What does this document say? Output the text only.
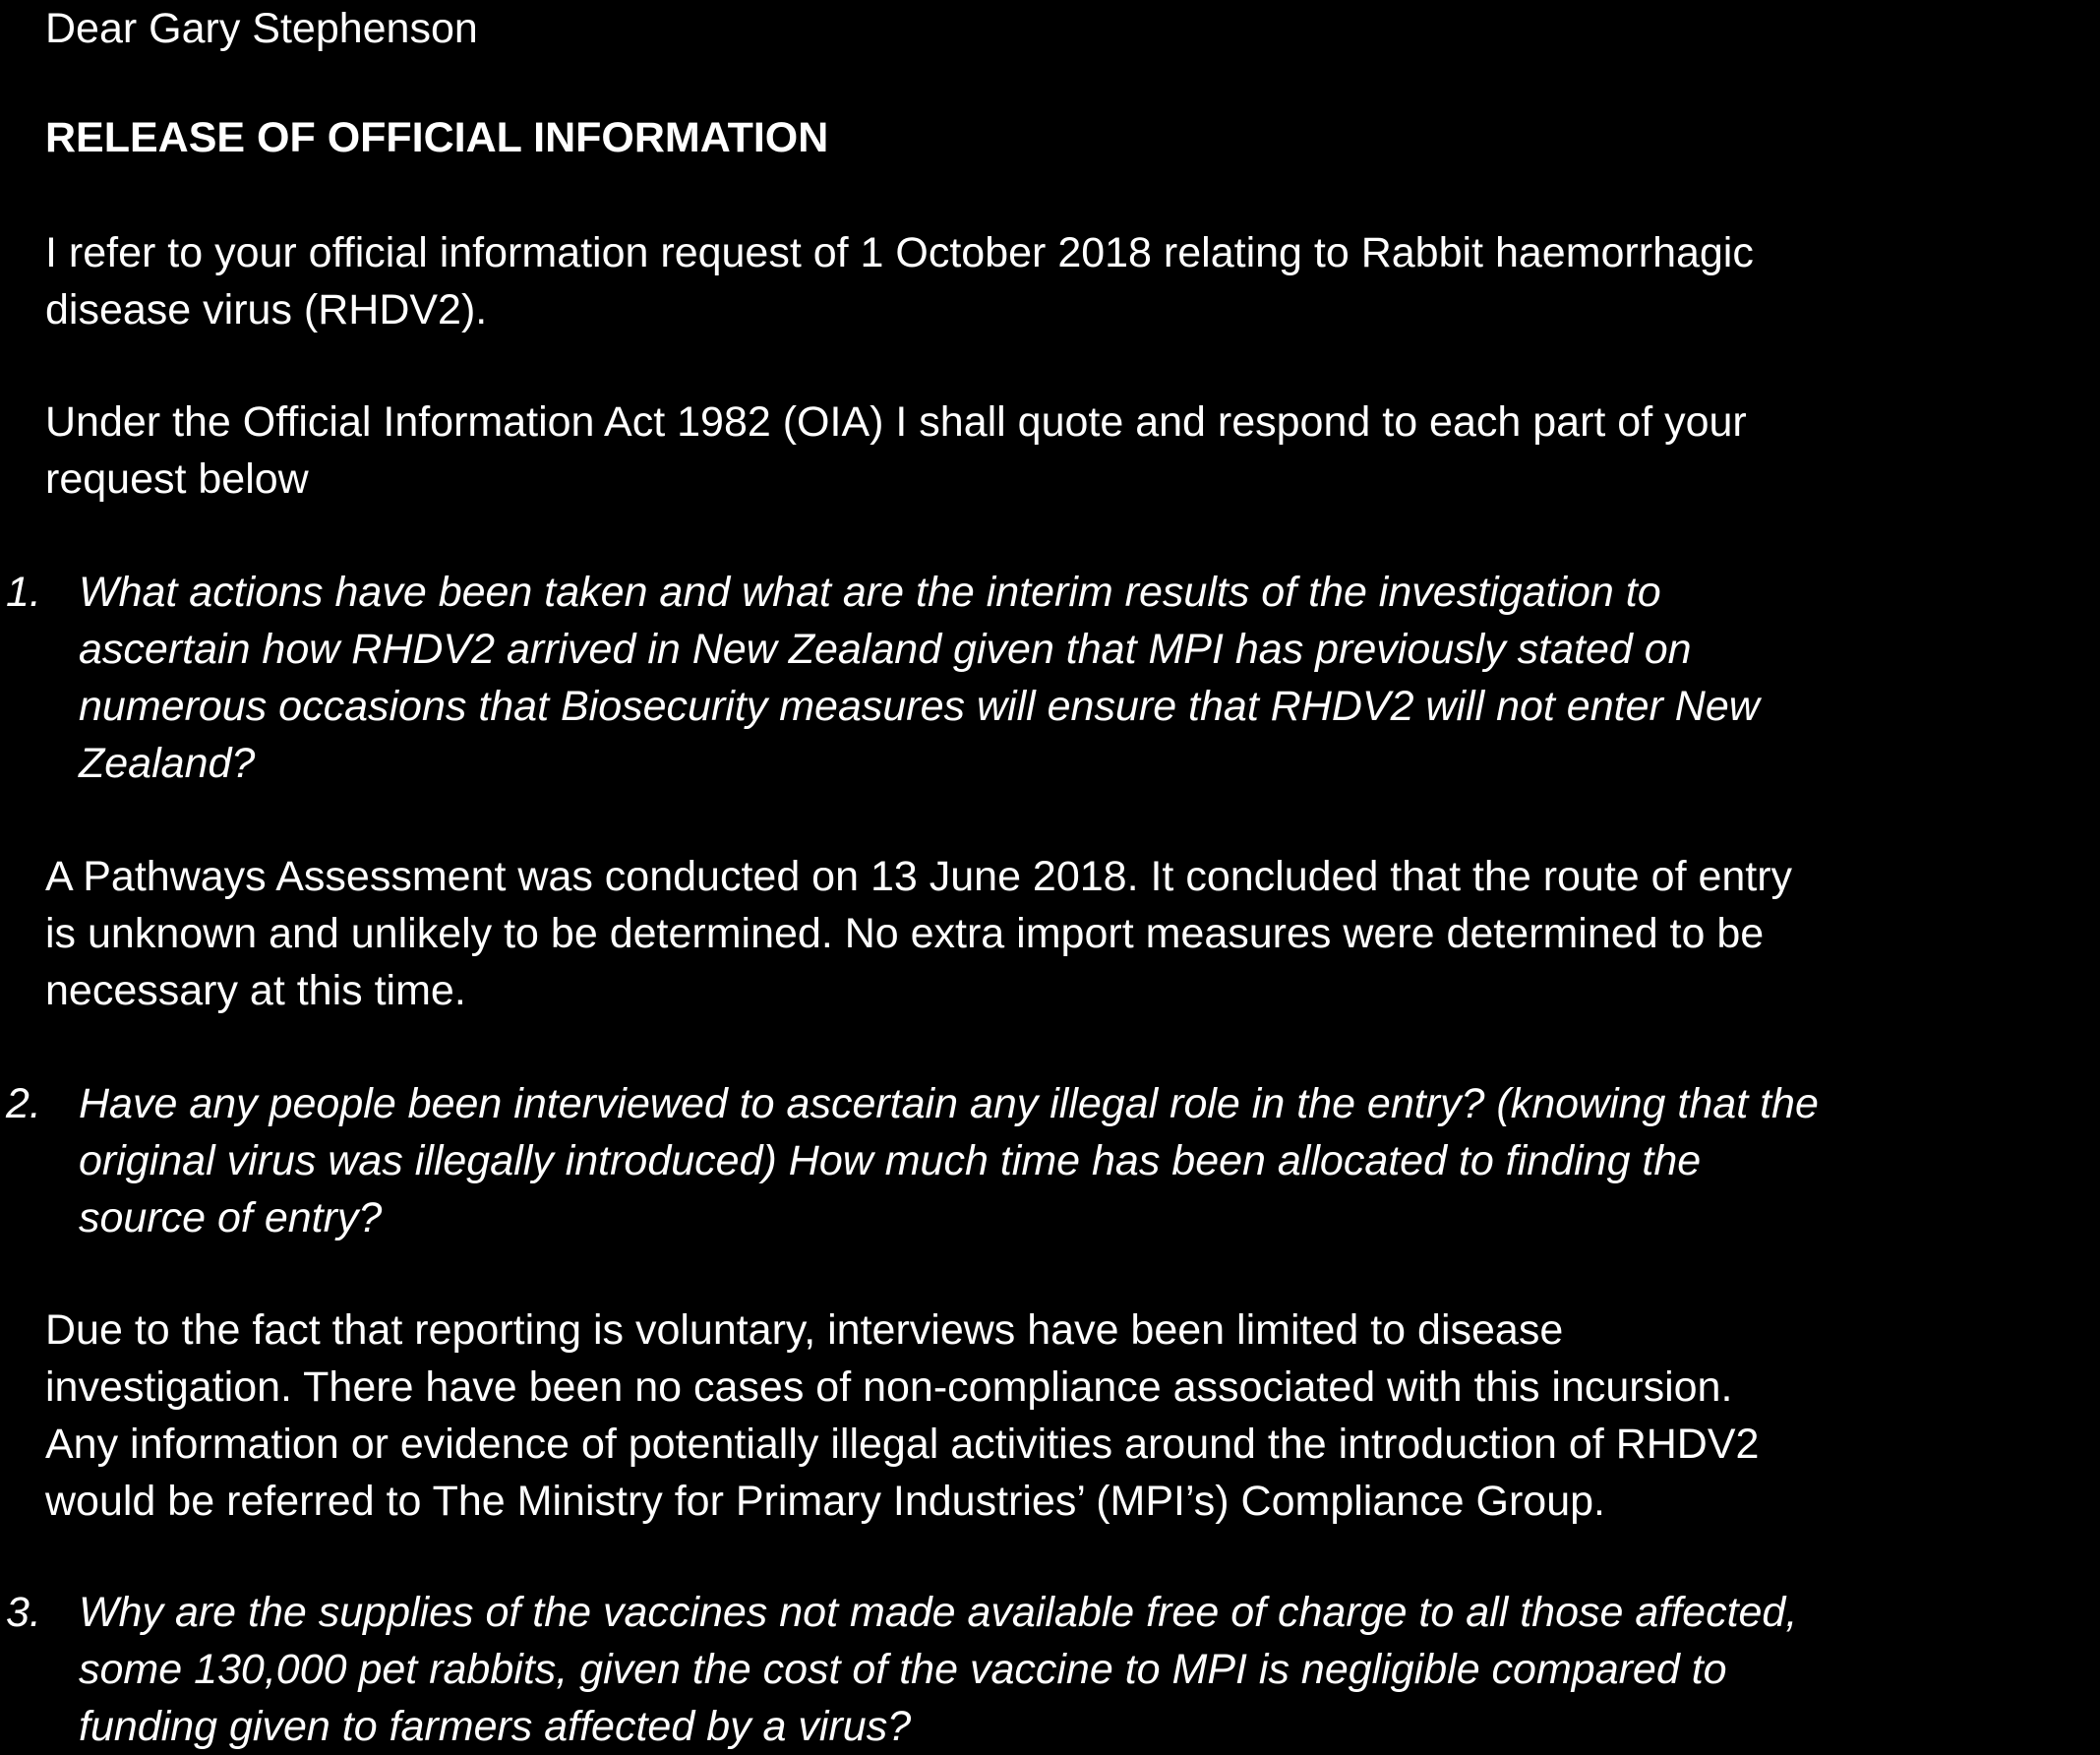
Dear Gary Stephenson

RELEASE OF OFFICIAL INFORMATION

I refer to your official information request of 1 October 2018 relating to Rabbit haemorrhagic
disease virus (RHDV2).

Under the Official Information Act 1982 (OIA) I shall quote and respond to each part of your
request below

1. What actions have been taken and what are the interim results of the investigation to
ascertain how RHDV2 arrived in New Zealand given that MPI has previously stated on
numerous occasions that Biosecurity measures will ensure that RHDV2 will not enter New
Zealand?

A Pathways Assessment was conducted on 13 June 2018. It concluded that the route of entry
is unknown and unlikely to be determined. No extra import measures were determined to be
necessary at this time.

2. Have any people been interviewed to ascertain any illegal role in the entry? (knowing that the
original virus was illegally introduced) How much time has been allocated to finding the
source of entry?

Due to the fact that reporting is voluntary, interviews have been limited to disease
investigation. There have been no cases of non-compliance associated with this incursion.
Any information or evidence of potentially illegal activities around the introduction of RHDV2
would be referred to The Ministry for Primary Industries’ (MPI’s) Compliance Group.

3. Why are the supplies of the vaccines not made available free of charge to all those affected,
some 130,000 pet rabbits, given the cost of the vaccine to MPI is negligible compared to
funding given to farmers affected by a virus?
